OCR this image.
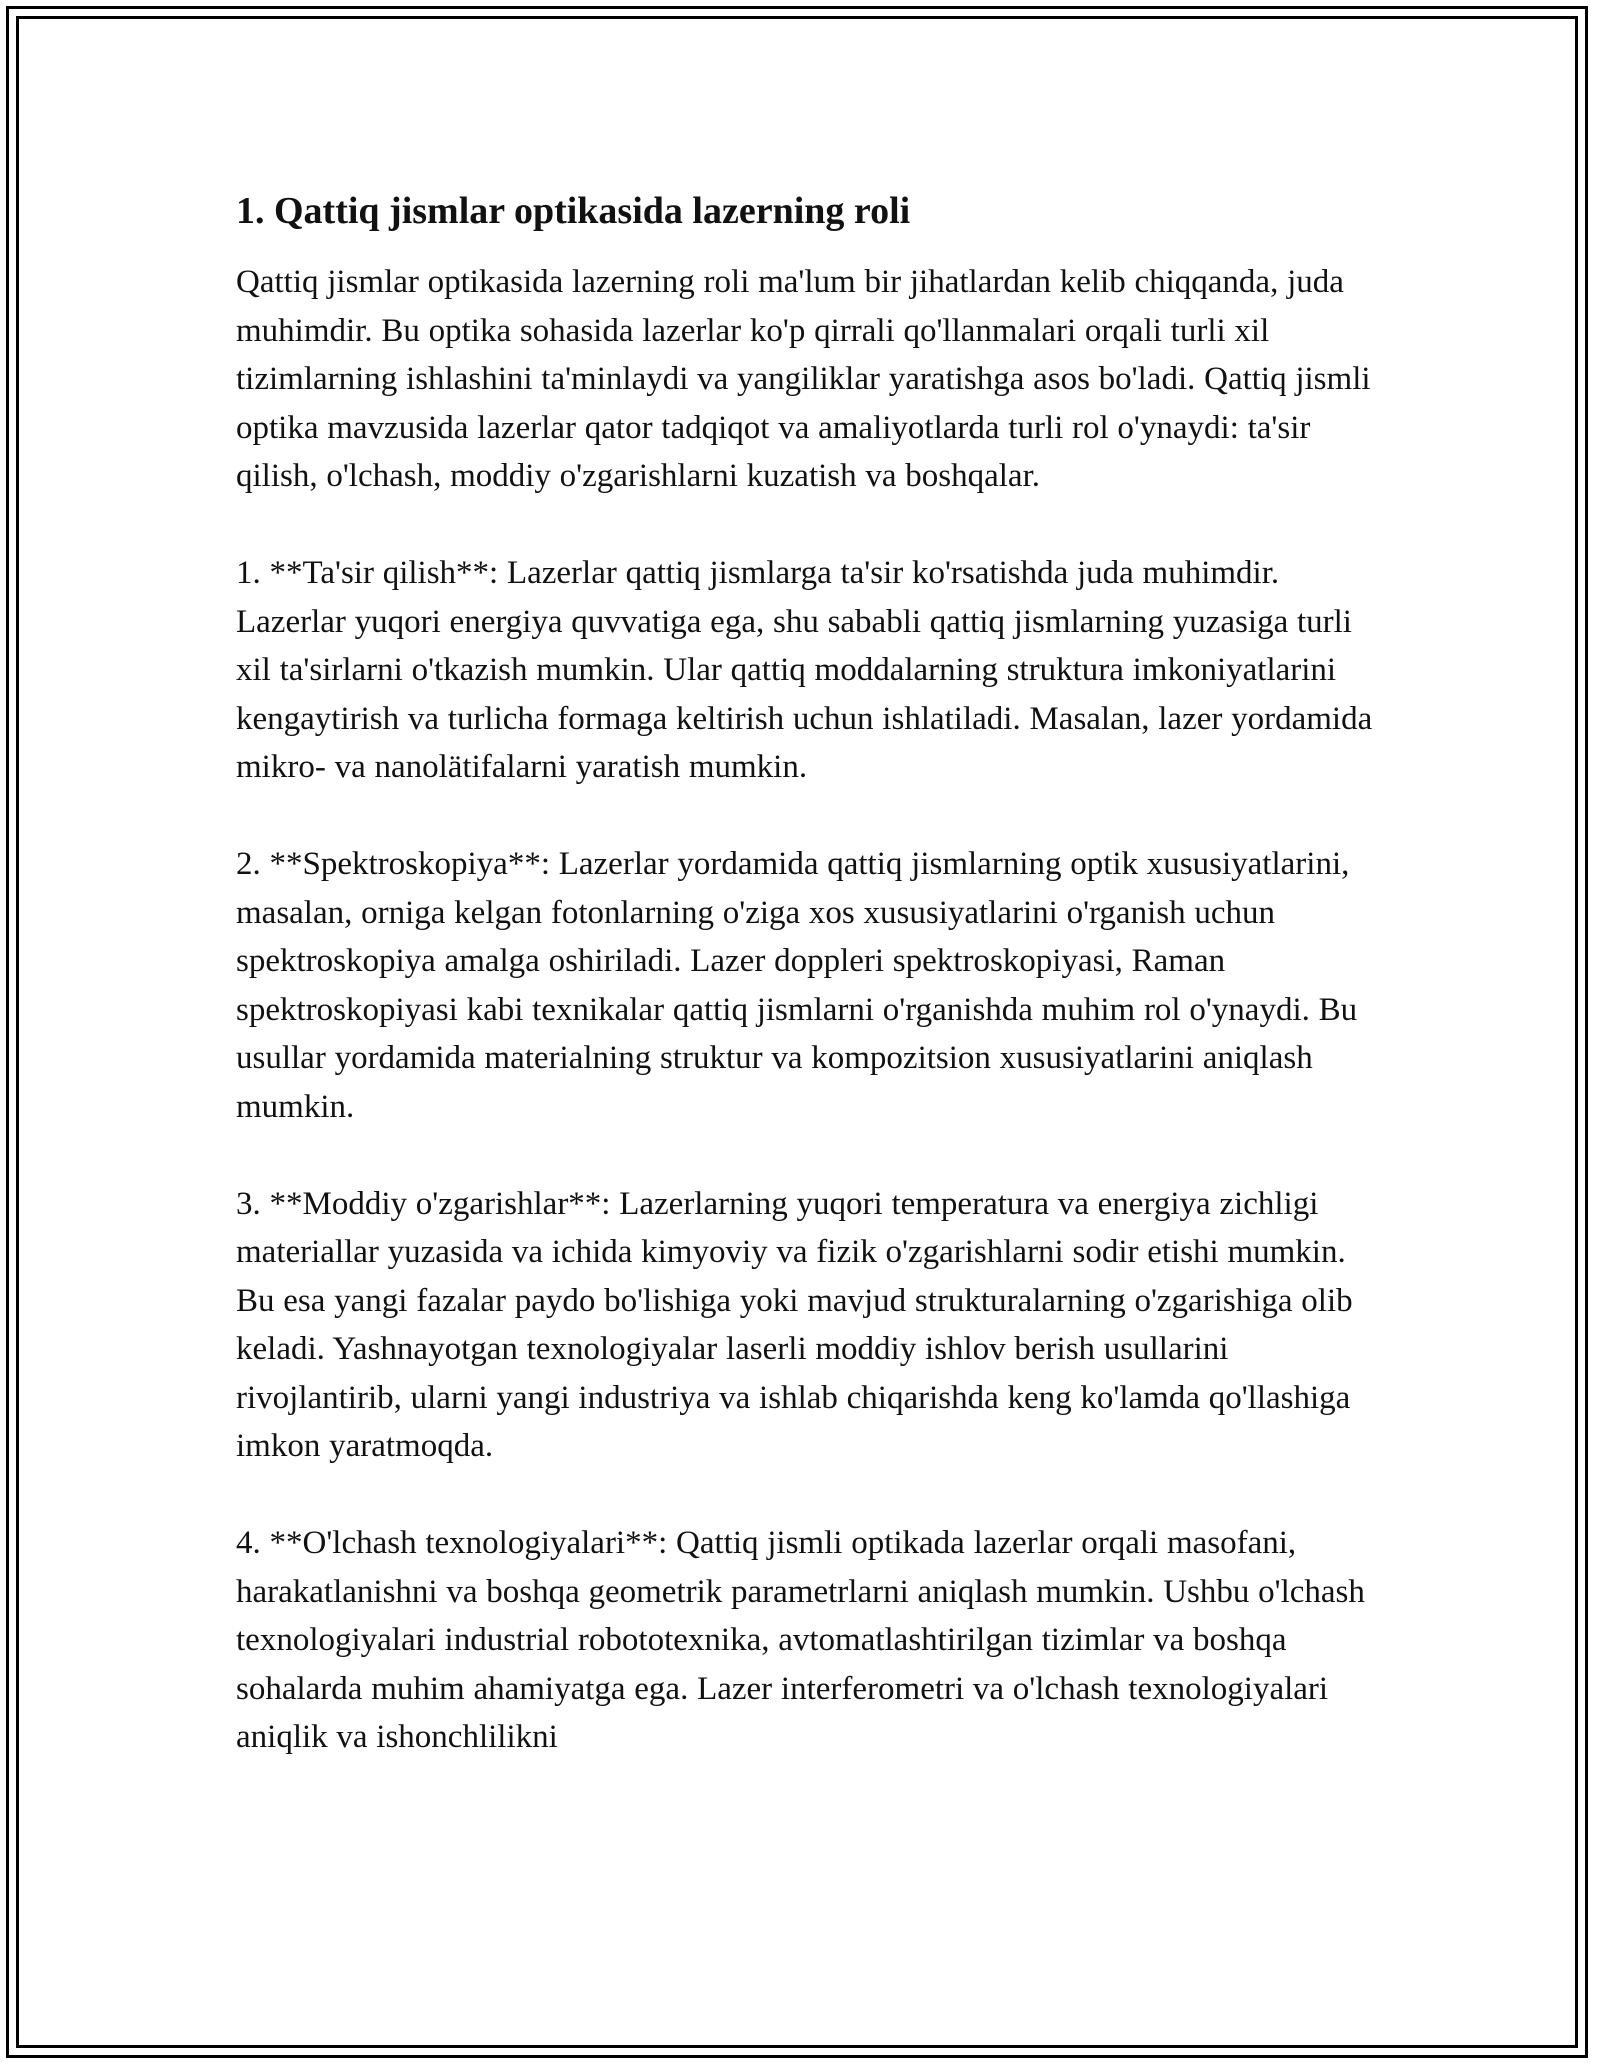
1. Qattiq jismlar optikasida lazerning roli

Qattiq jismlar optikasida lazerning roli ma'lum bir jihatlardan kelib chiqqanda, juda muhimdir. Bu optika sohasida lazerlar ko'p qirrali qo'llanmalari orqali turli xil tizimlarning ishlashini ta'minlaydi va yangiliklar yaratishga asos bo'ladi. Qattiq jismli optika mavzusida lazerlar qator tadqiqot va amaliyotlarda turli rol o'ynaydi: ta'sir qilish, o'lchash, moddiy o'zgarishlarni kuzatish va boshqalar.

1. **Ta'sir qilish**: Lazerlar qattiq jismlarga ta'sir ko'rsatishda juda muhimdir. Lazerlar yuqori energiya quvvatiga ega, shu sababli qattiq jismlarning yuzasiga turli xil ta'sirlarni o'tkazish mumkin. Ular qattiq moddalarning struktura imkoniyatlarini kengaytirish va turlicha formaga keltirish uchun ishlatiladi. Masalan, lazer yordamida mikro- va nanolätifalarni yaratish mumkin.

2. **Spektroskopiya**: Lazerlar yordamida qattiq jismlarning optik xususiyatlarini, masalan, orniga kelgan fotonlarning o'ziga xos xususiyatlarini o'rganish uchun spektroskopiya amalga oshiriladi. Lazer doppleri spektroskopiyasi, Raman spektroskopiyasi kabi texnikalar qattiq jismlarni o'rganishda muhim rol o'ynaydi. Bu usullar yordamida materialning struktur va kompozitsion xususiyatlarini aniqlash mumkin.

3. **Moddiy o'zgarishlar**: Lazerlarning yuqori temperatura va energiya zichligi materiallar yuzasida va ichida kimyoviy va fizik o'zgarishlarni sodir etishi mumkin. Bu esa yangi fazalar paydo bo'lishiga yoki mavjud strukturalarning o'zgarishiga olib keladi. Yashnayotgan texnologiyalar laserli moddiy ishlov berish usullarini rivojlantirib, ularni yangi industriya va ishlab chiqarishda keng ko'lamda qo'llashiga imkon yaratmoqda.

4. **O'lchash texnologiyalari**: Qattiq jismli optikada lazerlar orqali masofani, harakatlanishni va boshqa geometrik parametrlarni aniqlash mumkin. Ushbu o'lchash texnologiyalari industrial robototexnika, avtomatlashtirilgan tizimlar va boshqa sohalarda muhim ahamiyatga ega. Lazer interferometri va o'lchash texnologiyalari aniqlik va ishonchlilikni
